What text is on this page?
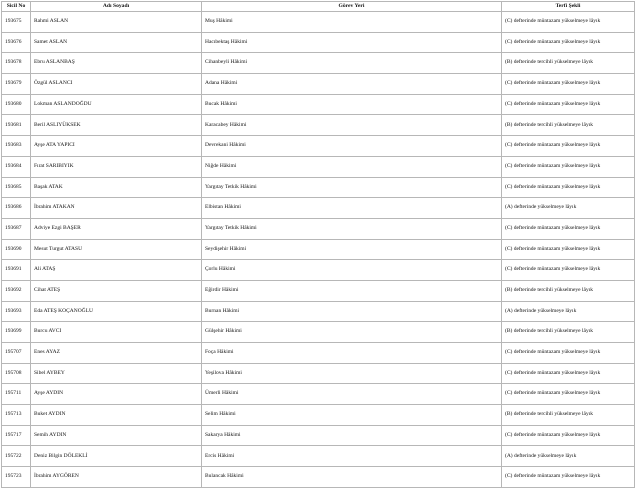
Sicil No	Adı Soyadı	Görev Yeri	Terfi Şekli
193675	Rahmi ASLAN	Muş Hâkimi	(C) defterinde müntazam yükselmeye lâyık
193676	Samet ASLAN	Hacıbektaş Hâkimi	(C) defterinde müntazam yükselmeye lâyık
193678	Ebru ASLANBAŞ	Cihanbeyli Hâkimi	(B) defterinde tercihli yükselmeye lâyık
193679	Özgül ASLANCI	Adana Hâkimi	(C) defterinde müntazam yükselmeye lâyık
193680	Lokman ASLANDOĞDU	Bucak Hâkimi	(C) defterinde müntazam yükselmeye lâyık
193681	Beril ASLIYÜKSEK	Karacabey Hâkimi	(B) defterinde tercihli yükselmeye lâyık
193683	Ayşe ATA YAPICI	Devrekani Hâkimi	(C) defterinde müntazam yükselmeye lâyık
193684	Fırat SARIBIYIK	Niğde Hâkimi	(C) defterinde müntazam yükselmeye lâyık
193685	Başak ATAK	Yargıtay Tetkik Hâkimi	(C) defterinde müntazam yükselmeye lâyık
193686	İbrahim ATAKAN	Elbistan Hâkimi	(A) defterinde yükselmeye lâyık
193687	Adviye Ezgi BAŞER	Yargıtay Tetkik Hâkimi	(C) defterinde müntazam yükselmeye lâyık
193690	Mesut Turgut ATASU	Seydişehir Hâkimi	(C) defterinde müntazam yükselmeye lâyık
193691	Ali ATAŞ	Çorlu Hâkimi	(C) defterinde müntazam yükselmeye lâyık
193692	Cihat ATEŞ	Eğirdir Hâkimi	(B) defterinde tercihli yükselmeye lâyık
193693	Eda ATEŞ KOÇANOĞLU	Burnan Hâkimi	(A) defterinde yükselmeye lâyık
193699	Burcu AVCI	Gülşehir Hâkimi	(B) defterinde tercihli yükselmeye lâyık
195707	Enes AYAZ	Foça Hâkimi	(C) defterinde müntazam yükselmeye lâyık
195708	Sibel AYBEY	Yeşilova Hâkimi	(C) defterinde müntazam yükselmeye lâyık
195711	Ayşe AYDIN	Ümerli Hâkimi	(C) defterinde müntazam yükselmeye lâyık
195713	Buket AYDIN	Selim Hâkimi	(B) defterinde tercihli yükselmeye lâyık
195717	Semih AYDIN	Sakarya Hâkimi	(C) defterinde müntazam yükselmeye lâyık
195722	Deniz Bilgin DÖLEKLİ	Ercis Hâkimi	(A) defterinde yükselmeye lâyık
195723	İbrahim AYGÖREN	Bulancak Hâkimi	(C) defterinde müntazam yükselmeye lâyık
